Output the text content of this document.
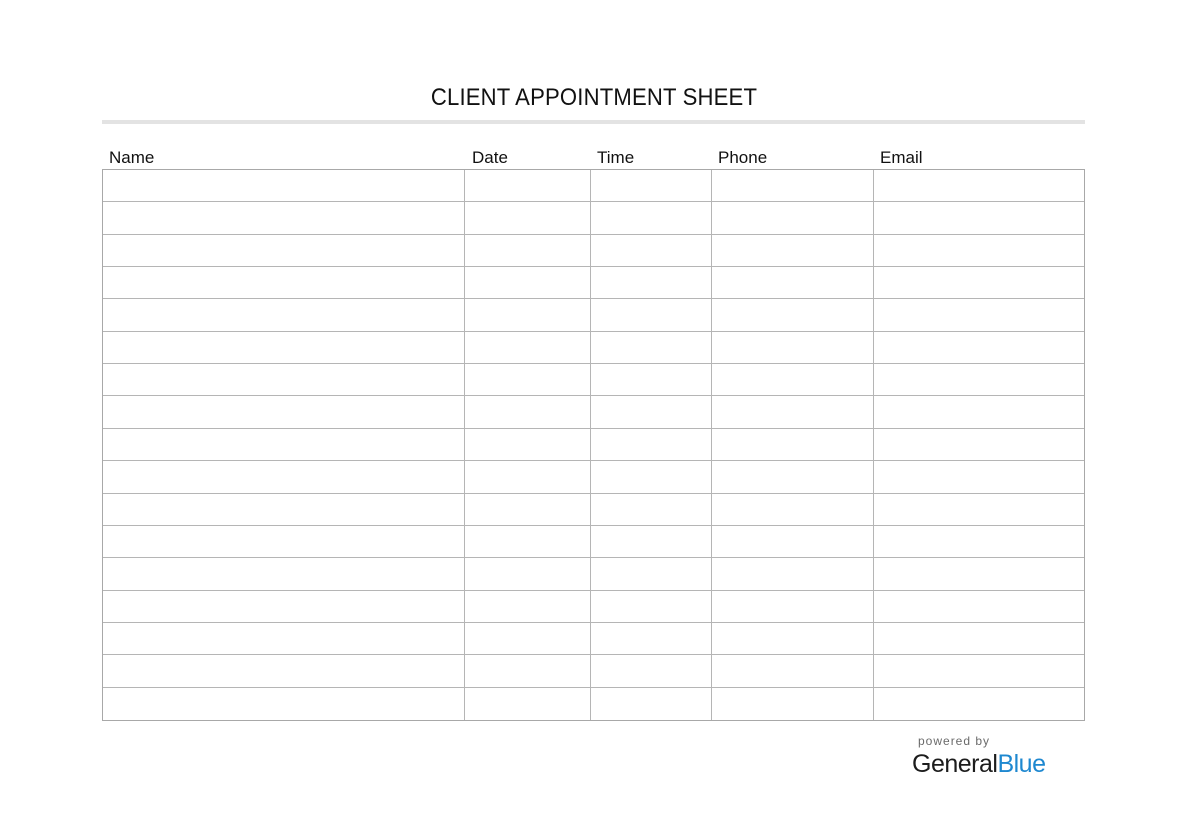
CLIENT APPOINTMENT SHEET
Name	Date	Time	Phone	Email
powered by
GeneralBlue
